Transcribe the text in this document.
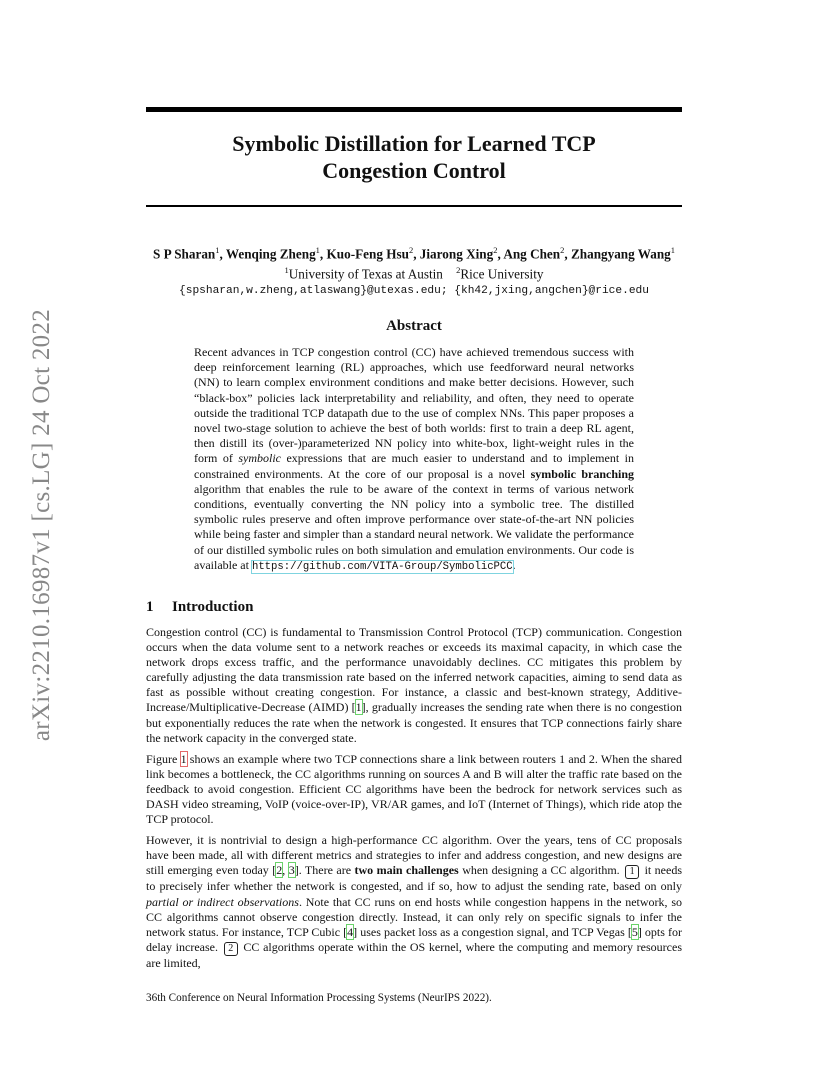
arXiv:2210.16987v1 [cs.LG] 24 Oct 2022
Symbolic Distillation for Learned TCP
Congestion Control
S P Sharan$^1$, Wenqing Zheng$^1$, Kuo-Feng Hsu$^2$, Jiarong Xing$^2$, Ang Chen$^2$, Zhangyang Wang$^1$
$^1$University of Texas at Austin $^2$Rice University
{spsharan,w.zheng,atlaswang}@utexas.edu; {kh42,jxing,angchen}@rice.edu
Abstract

Recent advances in TCP congestion control (CC) have achieved tremendous success with deep reinforcement learning (RL) approaches, which use feedforward neural networks (NN) to learn complex environment conditions and make better decisions. However, such “black-box” policies lack interpretability and reliability, and often, they need to operate outside the traditional TCP datapath due to the use of complex NNs. This paper proposes a novel two-stage solution to achieve the best of both worlds: first to train a deep RL agent, then distill its (over-)parameterized NN policy into white-box, light-weight rules in the form of symbolic expressions that are much easier to understand and to implement in constrained environments. At the core of our proposal is a novel symbolic branching algorithm that enables the rule to be aware of the context in terms of various network conditions, eventually converting the NN policy into a symbolic tree. The distilled symbolic rules preserve and often improve performance over state-of-the-art NN policies while being faster and simpler than a standard neural network. We validate the performance of our distilled symbolic rules on both simulation and emulation environments. Our code is available at https://github.com/VITA-Group/SymbolicPCC.

1 Introduction

Congestion control (CC) is fundamental to Transmission Control Protocol (TCP) communication. Congestion occurs when the data volume sent to a network reaches or exceeds its maximal capacity, in which case the network drops excess traffic, and the performance unavoidably declines. CC mitigates this problem by carefully adjusting the data transmission rate based on the inferred network capacities, aiming to send data as fast as possible without creating congestion. For instance, a classic and best-known strategy, Additive-Increase/Multiplicative-Decrease (AIMD) [1], gradually increases the sending rate when there is no congestion but exponentially reduces the rate when the network is congested. It ensures that TCP connections fairly share the network capacity in the converged state.

Figure 1 shows an example where two TCP connections share a link between routers 1 and 2. When the shared link becomes a bottleneck, the CC algorithms running on sources A and B will alter the traffic rate based on the feedback to avoid congestion. Efficient CC algorithms have been the bedrock for network services such as DASH video streaming, VoIP (voice-over-IP), VR/AR games, and IoT (Internet of Things), which ride atop the TCP protocol.

However, it is nontrivial to design a high-performance CC algorithm. Over the years, tens of CC proposals have been made, all with different metrics and strategies to infer and address congestion, and new designs are still emerging even today [2, 3]. There are two main challenges when designing a CC algorithm. 1 it needs to precisely infer whether the network is congested, and if so, how to adjust the sending rate, based on only partial or indirect observations. Note that CC runs on end hosts while congestion happens in the network, so CC algorithms cannot observe congestion directly. Instead, it can only rely on specific signals to infer the network status. For instance, TCP Cubic [4] uses packet loss as a congestion signal, and TCP Vegas [5] opts for delay increase. 2 CC algorithms operate within the OS kernel, where the computing and memory resources are limited,

36th Conference on Neural Information Processing Systems (NeurIPS 2022).
